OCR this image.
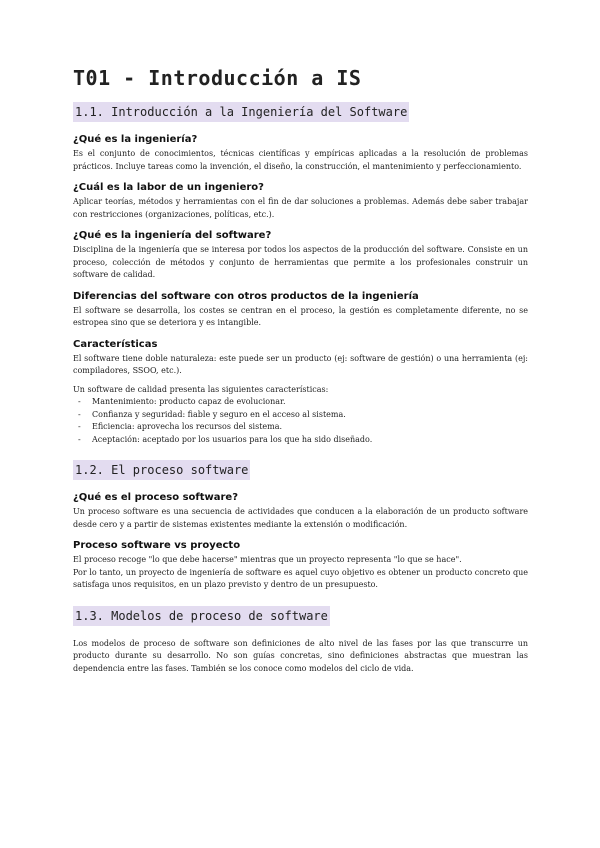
T01 - Introducción a IS
1.1. Introducción a la Ingeniería del Software
¿Qué es la ingeniería?

Es el conjunto de conocimientos, técnicas científicas y empíricas aplicadas a la resolución de problemas prácticos. Incluye tareas como la invención, el diseño, la construcción, el mantenimiento y perfeccionamiento.

¿Cuál es la labor de un ingeniero?

Aplicar teorías, métodos y herramientas con el fin de dar soluciones a problemas. Además debe saber trabajar con restricciones (organizaciones, políticas, etc.).

¿Qué es la ingeniería del software?

Disciplina de la ingeniería que se interesa por todos los aspectos de la producción del software. Consiste en un proceso, colección de métodos y conjunto de herramientas que permite a los profesionales construir un software de calidad.

Diferencias del software con otros productos de la ingeniería

El software se desarrolla, los costes se centran en el proceso, la gestión es completamente diferente, no se estropea sino que se deteriora y es intangible.

Características

El software tiene doble naturaleza: este puede ser un producto (ej: software de gestión) o una herramienta (ej: compiladores, SSOO, etc.).

Un software de calidad presenta las siguientes características:

- Mantenimiento: producto capaz de evolucionar.
- Confianza y seguridad: fiable y seguro en el acceso al sistema.
- Eficiencia: aprovecha los recursos del sistema.
- Aceptación: aceptado por los usuarios para los que ha sido diseñado.
1.2. El proceso software
¿Qué es el proceso software?

Un proceso software es una secuencia de actividades que conducen a la elaboración de un producto software desde cero y a partir de sistemas existentes mediante la extensión o modificación.

Proceso software vs proyecto

El proceso recoge "lo que debe hacerse" mientras que un proyecto representa "lo que se hace".

Por lo tanto, un proyecto de ingeniería de software es aquel cuyo objetivo es obtener un producto concreto que satisfaga unos requisitos, en un plazo previsto y dentro de un presupuesto.

1.3. Modelos de proceso de software

Los modelos de proceso de software son definiciones de alto nivel de las fases por las que transcurre un producto durante su desarrollo. No son guías concretas, sino definiciones abstractas que muestran las dependencia entre las fases. También se los conoce como modelos del ciclo de vida.
